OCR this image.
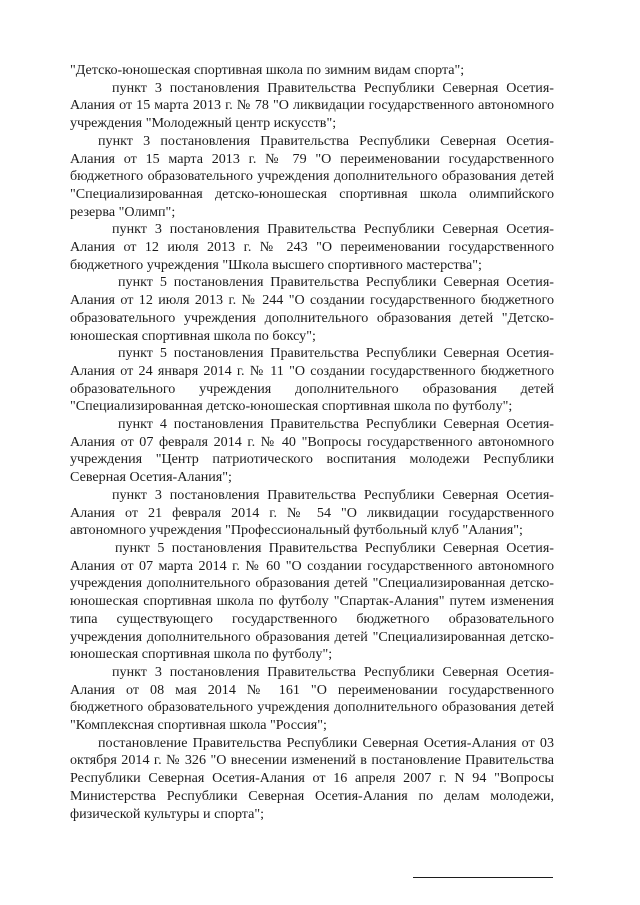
"Детско-юношеская спортивная школа по зимним видам спорта";

пункт 3 постановления Правительства Республики Северная Осетия-Алания от 15 марта 2013 г. № 78 "О ликвидации государственного автономного учреждения "Молодежный центр искусств";

пункт 3 постановления Правительства Республики Северная Осетия-Алания от 15 марта 2013 г. № 79 "О переименовании государственного бюджетного образовательного учреждения дополнительного образования детей "Специализированная детско-юношеская спортивная школа олимпийского резерва "Олимп";

пункт 3 постановления Правительства Республики Северная Осетия-Алания от 12 июля 2013 г. № 243 "О переименовании государственного бюджетного учреждения "Школа высшего спортивного мастерства";

пункт 5 постановления Правительства Республики Северная Осетия-Алания от 12 июля 2013 г. № 244 "О создании государственного бюджетного образовательного учреждения дополнительного образования детей "Детско-юношеская спортивная школа по боксу";

пункт 5 постановления Правительства Республики Северная Осетия-Алания от 24 января 2014 г. № 11 "О создании государственного бюджетного образовательного учреждения дополнительного образования детей "Специализированная детско-юношеская спортивная школа по футболу";

пункт 4 постановления Правительства Республики Северная Осетия-Алания от 07 февраля 2014 г. № 40 "Вопросы государственного автономного учреждения "Центр патриотического воспитания молодежи Республики Северная Осетия-Алания";

пункт 3 постановления Правительства Республики Северная Осетия-Алания от 21 февраля 2014 г. № 54 "О ликвидации государственного автономного учреждения "Профессиональный футбольный клуб "Алания";

пункт 5 постановления Правительства Республики Северная Осетия-Алания от 07 марта 2014 г. № 60 "О создании государственного автономного учреждения дополнительного образования детей "Специализированная детско-юношеская спортивная школа по футболу "Спартак-Алания" путем изменения типа существующего государственного бюджетного образовательного учреждения дополнительного образования детей "Специализированная детско-юношеская спортивная школа по футболу";

пункт 3 постановления Правительства Республики Северная Осетия-Алания от 08 мая 2014 № 161 "О переименовании государственного бюджетного образовательного учреждения дополнительного образования детей "Комплексная спортивная школа "Россия";

постановление Правительства Республики Северная Осетия-Алания от 03 октября 2014 г. № 326 "О внесении изменений в постановление Правительства Республики Северная Осетия-Алания от 16 апреля 2007 г. N 94 "Вопросы Министерства Республики Северная Осетия-Алания по делам молодежи, физической культуры и спорта";
